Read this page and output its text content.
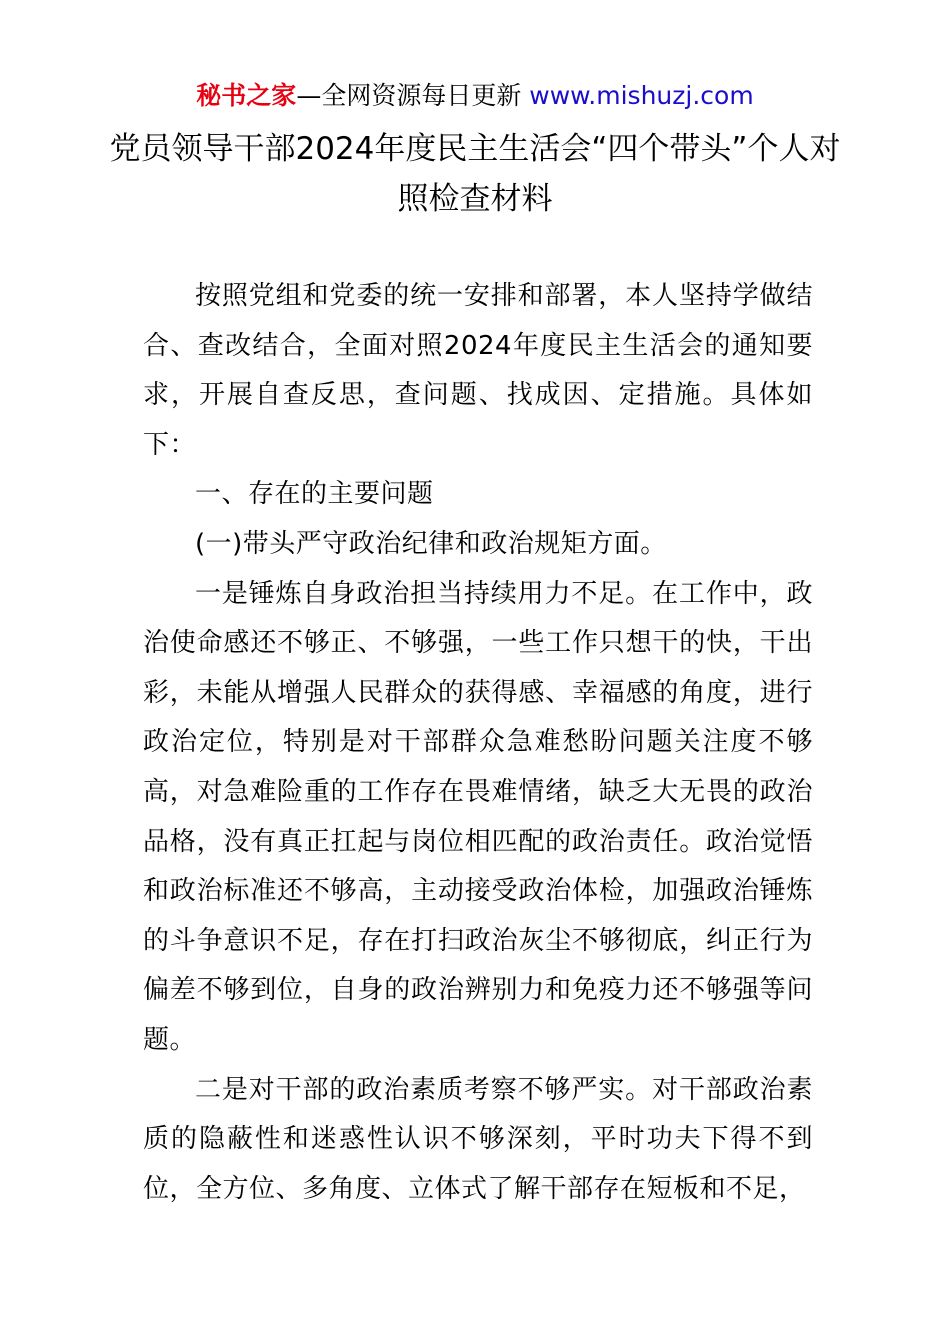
秘书之家—全网资源每日更新 www.mishuzj.com
党员领导干部2024年度民主生活会“四个带头”个人对照检查材料

按照党组和党委的统一安排和部署，本人坚持学做结合、查改结合，全面对照2024年度民主生活会的通知要求，开展自查反思，查问题、找成因、定措施。具体如下：

一、存在的主要问题

(一)带头严守政治纪律和政治规矩方面。

一是锤炼自身政治担当持续用力不足。在工作中，政治使命感还不够正、不够强，一些工作只想干的快，干出彩，未能从增强人民群众的获得感、幸福感的角度，进行政治定位，特别是对干部群众急难愁盼问题关注度不够高，对急难险重的工作存在畏难情绪，缺乏大无畏的政治品格，没有真正扛起与岗位相匹配的政治责任。政治觉悟和政治标准还不够高，主动接受政治体检，加强政治锤炼的斗争意识不足，存在打扫政治灰尘不够彻底，纠正行为偏差不够到位，自身的政治辨别力和免疫力还不够强等问题。

二是对干部的政治素质考察不够严实。对干部政治素质的隐蔽性和迷惑性认识不够深刻，平时功夫下得不到位，全方位、多角度、立体式了解干部存在短板和不足，
